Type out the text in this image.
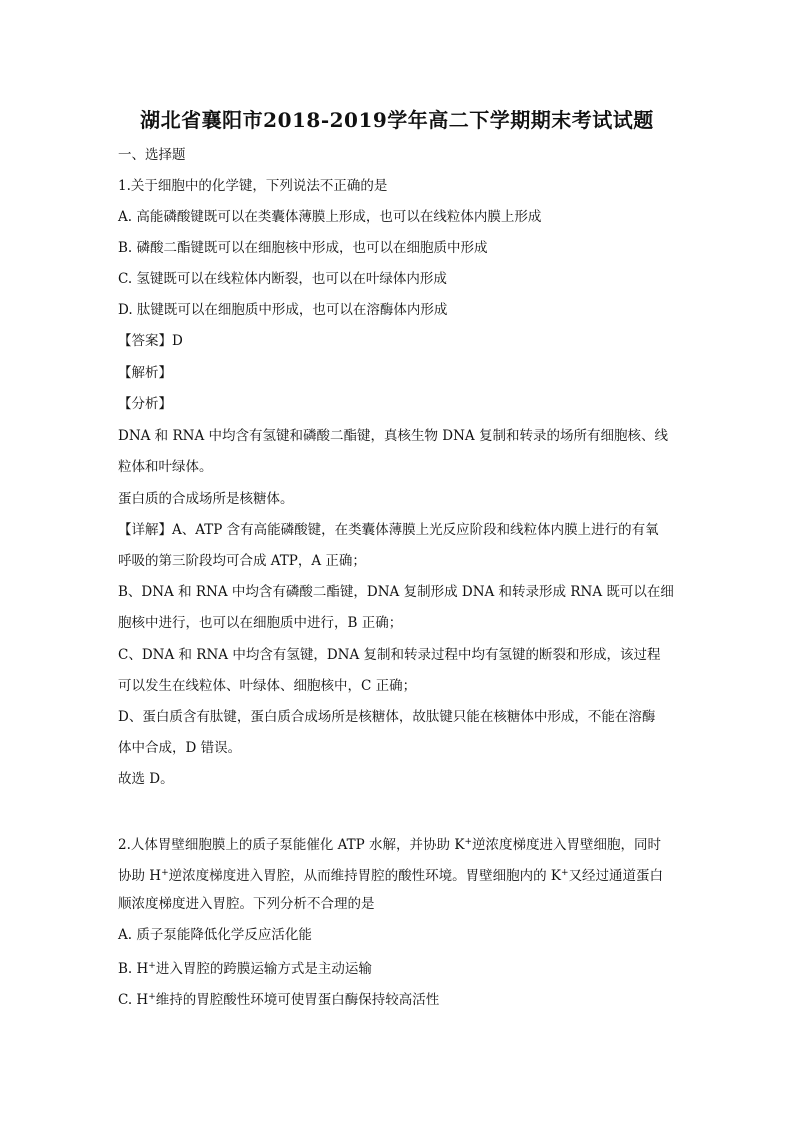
湖北省襄阳市2018-2019学年高二下学期期末考试试题
一、选择题
1.关于细胞中的化学键，下列说法不正确的是
A. 高能磷酸键既可以在类囊体薄膜上形成，也可以在线粒体内膜上形成
B. 磷酸二酯键既可以在细胞核中形成，也可以在细胞质中形成
C. 氢键既可以在线粒体内断裂，也可以在叶绿体内形成
D. 肽键既可以在细胞质中形成，也可以在溶酶体内形成
【答案】D
【解析】
【分析】
DNA 和 RNA 中均含有氢键和磷酸二酯键，真核生物 DNA 复制和转录的场所有细胞核、线
粒体和叶绿体。
蛋白质的合成场所是核糖体。
【详解】A、ATP 含有高能磷酸键，在类囊体薄膜上光反应阶段和线粒体内膜上进行的有氧
呼吸的第三阶段均可合成 ATP，A 正确；
B、DNA 和 RNA 中均含有磷酸二酯键，DNA 复制形成 DNA 和转录形成 RNA 既可以在细
胞核中进行，也可以在细胞质中进行，B 正确；
C、DNA 和 RNA 中均含有氢键，DNA 复制和转录过程中均有氢键的断裂和形成，该过程
可以发生在线粒体、叶绿体、细胞核中，C 正确；
D、蛋白质含有肽键，蛋白质合成场所是核糖体，故肽键只能在核糖体中形成，不能在溶酶
体中合成，D 错误。
故选 D。
2.人体胃壁细胞膜上的质子泵能催化 ATP 水解，并协助 K+逆浓度梯度进入胃壁细胞，同时
协助 H+逆浓度梯度进入胃腔，从而维持胃腔的酸性环境。胃壁细胞内的 K+又经过通道蛋白
顺浓度梯度进入胃腔。下列分析不合理的是
A. 质子泵能降低化学反应活化能
B. H+进入胃腔的跨膜运输方式是主动运输
C. H+维持的胃腔酸性环境可使胃蛋白酶保持较高活性
